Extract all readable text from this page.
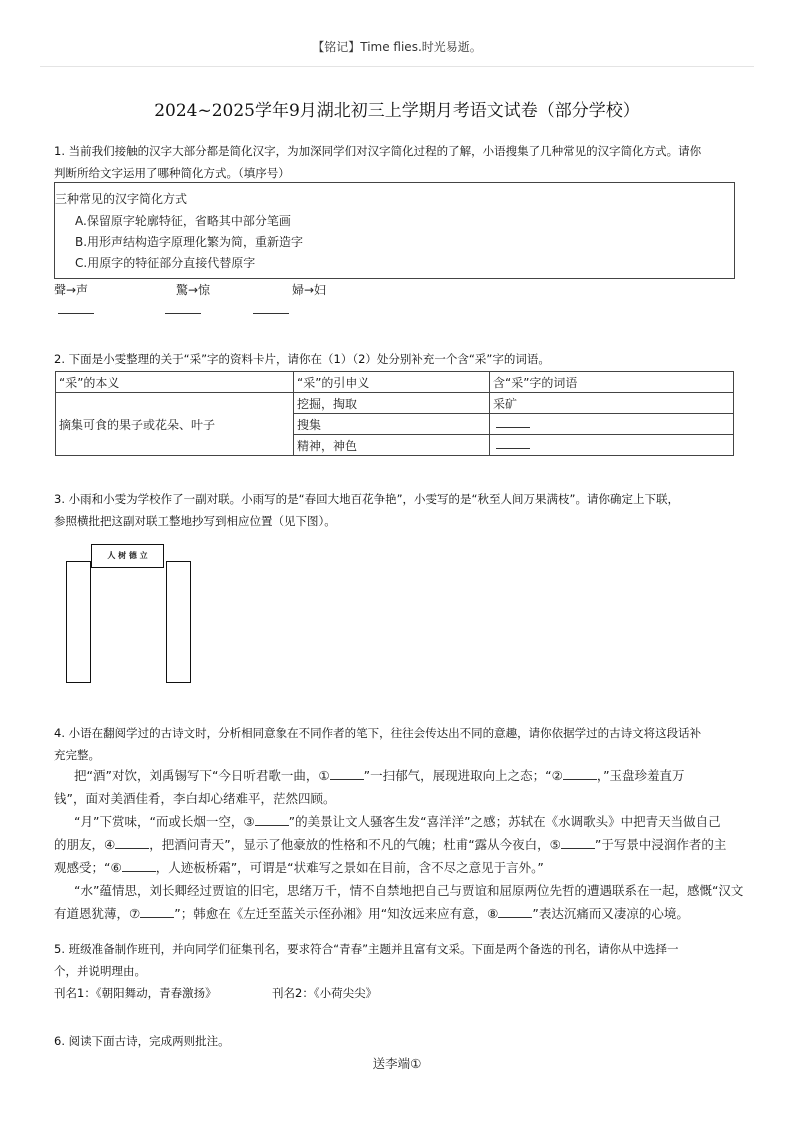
【铭记】Time flies.时光易逝。
2024~2025学年9月湖北初三上学期月考语文试卷（部分学校）
1. 当前我们接触的汉字大部分都是简化汉字，为加深同学们对汉字简化过程的了解，小语搜集了几种常见的汉字简化方式。请你
判断所给文字运用了哪种简化方式。（填序号）
三种常见的汉字简化方式
A.保留原字轮廓特征，省略其中部分笔画
B.用形声结构造字原理化繁为简，重新造字
C.用原字的特征部分直接代替原字
聲→声	驚→惊	婦→妇
2. 下面是小雯整理的关于“采”字的资料卡片，请你在（1）（2）处分别补充一个含“采”字的词语。
“采”的本义	“采”的引申义	含“采”字的词语
摘集可食的果子或花朵、叶子	挖掘，掏取	采矿
	搜集	
	精神，神色	
3. 小雨和小雯为学校作了一副对联。小雨写的是“春回大地百花争艳”，小雯写的是“秋至人间万果满枝”。请你确定上下联，
参照横批把这副对联工整地抄写到相应位置（见下图）。
人 树 德 立
4. 小语在翻阅学过的古诗文时，分析相同意象在不同作者的笔下，往往会传达出不同的意趣，请你依据学过的古诗文将这段话补
充完整。
把“酒”对饮，刘禹锡写下“今日听君歌一曲，①	”一扫郁气，展现进取向上之态；“②	，”玉盘珍羞直万
钱”，面对美酒佳肴，李白却心绪难平，茫然四顾。
“月”下赏味，“而或长烟一空，③	”的美景让文人骚客生发“喜洋洋”之感；苏轼在《水调歌头》中把青天当做自己
的朋友，④	，把酒问青天”，显示了他豪放的性格和不凡的气魄；杜甫“露从今夜白，⑤	”于写景中浸润作者的主
观感受；“⑥	，人迹板桥霜”，可谓是“状难写之景如在目前，含不尽之意见于言外。”
“水”蕴情思，刘长卿经过贾谊的旧宅，思绪万千，情不自禁地把自己与贾谊和屈原两位先哲的遭遇联系在一起，感慨“汉文
有道恩犹薄，⑦	”；韩愈在《左迁至蓝关示侄孙湘》用“知汝远来应有意，⑧	”表达沉痛而又凄凉的心境。
5. 班级准备制作班刊，并向同学们征集刊名，要求符合“青春”主题并且富有文采。下面是两个备选的刊名，请你从中选择一
个，并说明理由。
刊名1：《朝阳舞动，青春激扬》	刊名2：《小荷尖尖》
6. 阅读下面古诗，完成两则批注。
送李端①
